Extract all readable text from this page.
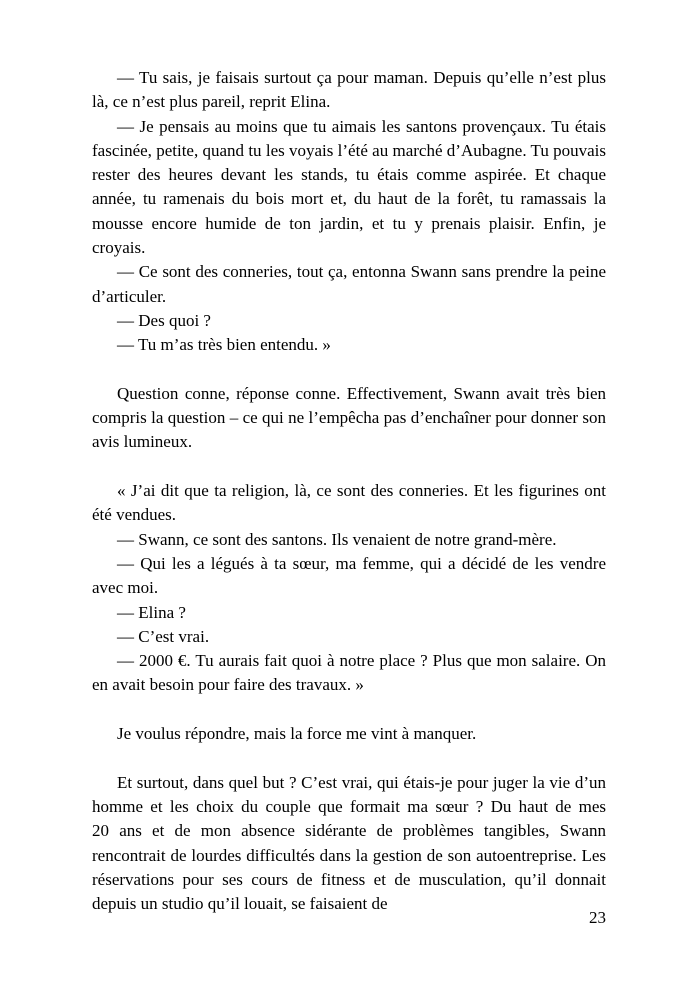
— Tu sais, je faisais surtout ça pour maman. Depuis qu’elle n’est plus là, ce n’est plus pareil, reprit Elina.

— Je pensais au moins que tu aimais les santons provençaux. Tu étais fascinée, petite, quand tu les voyais l’été au marché d’Aubagne. Tu pouvais rester des heures devant les stands, tu étais comme aspirée. Et chaque année, tu ramenais du bois mort et, du haut de la forêt, tu ramassais la mousse encore humide de ton jardin, et tu y prenais plaisir. Enfin, je croyais.

— Ce sont des conneries, tout ça, entonna Swann sans prendre la peine d’articuler.

— Des quoi ?

— Tu m’as très bien entendu. »

Question conne, réponse conne. Effectivement, Swann avait très bien compris la question – ce qui ne l’empêcha pas d’enchaîner pour donner son avis lumineux.

« J’ai dit que ta religion, là, ce sont des conneries. Et les figurines ont été vendues.

— Swann, ce sont des santons. Ils venaient de notre grand-mère.

— Qui les a légués à ta sœur, ma femme, qui a décidé de les vendre avec moi.

— Elina ?

— C’est vrai.

— 2000 €. Tu aurais fait quoi à notre place ? Plus que mon salaire. On en avait besoin pour faire des travaux. »

Je voulus répondre, mais la force me vint à manquer.

Et surtout, dans quel but ? C’est vrai, qui étais-je pour juger la vie d’un homme et les choix du couple que formait ma sœur ? Du haut de mes 20 ans et de mon absence sidérante de problèmes tangibles, Swann rencontrait de lourdes difficultés dans la gestion de son autoentreprise. Les réservations pour ses cours de fitness et de musculation, qu’il donnait depuis un studio qu’il louait, se faisaient de

23
